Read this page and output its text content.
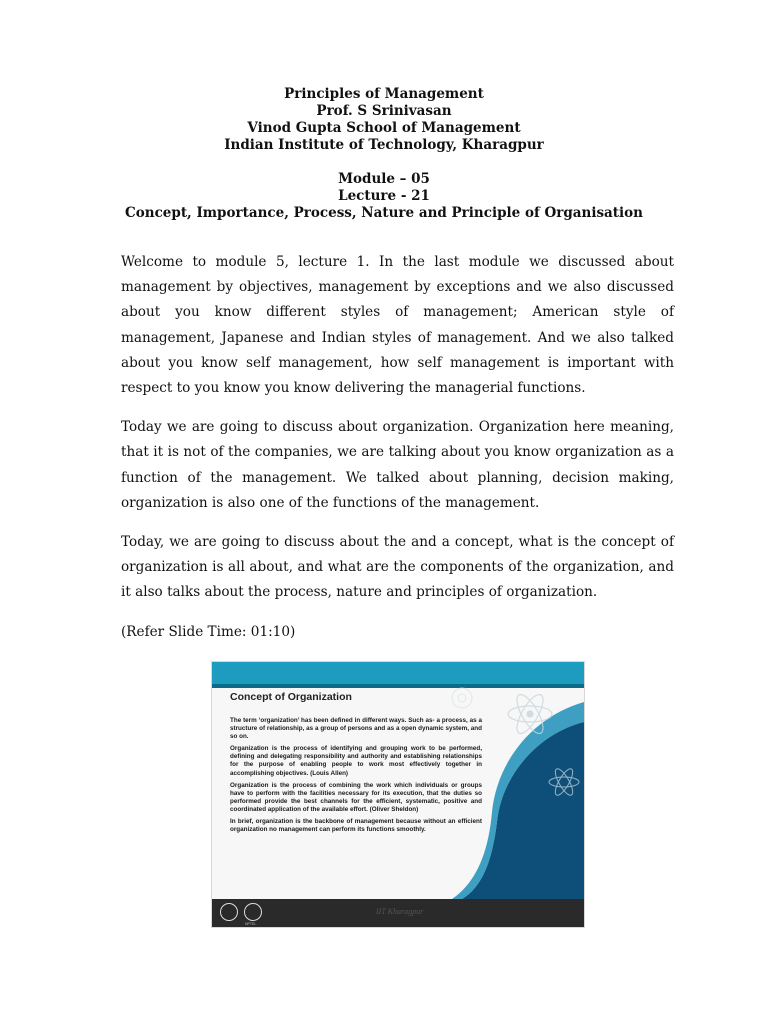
Principles of Management
Prof. S Srinivasan
Vinod Gupta School of Management
Indian Institute of Technology, Kharagpur
Module – 05
Lecture - 21
Concept, Importance, Process, Nature and Principle of Organisation

Welcome to module 5, lecture 1. In the last module we discussed about management by objectives, management by exceptions and we also discussed about you know different styles of management; American style of management, Japanese and Indian styles of management. And we also talked about you know self management, how self management is important with respect to you know you know delivering the managerial functions.

Today we are going to discuss about organization. Organization here meaning, that it is not of the companies, we are talking about you know organization as a function of the management. We talked about planning, decision making, organization is also one of the functions of the management.

Today, we are going to discuss about the and a concept, what is the concept of organization is all about, and what are the components of the organization, and it also talks about the process, nature and principles of organization.

(Refer Slide Time: 01:10)

Concept of Organization

The term ‘organization’ has been defined in different ways. Such as- a process, as a structure of relationship, as a group of persons and as a open dynamic system, and so on.

Organization is the process of identifying and grouping work to be performed, defining and delegating responsibility and authority and establishing relationships for the purpose of enabling people to work most effectively together in accomplishing objectives. (Louis Allen)

Organization is the process of combining the work which individuals or groups have to perform with the facilities necessary for its execution, that the duties so performed provide the best channels for the efficient, systematic, positive and coordinated application of the available effort. (Oliver Sheldon)

In brief, organization is the backbone of management because without an efficient organization no management can perform its functions smoothly.

NPTEL
IIT Kharagpur
